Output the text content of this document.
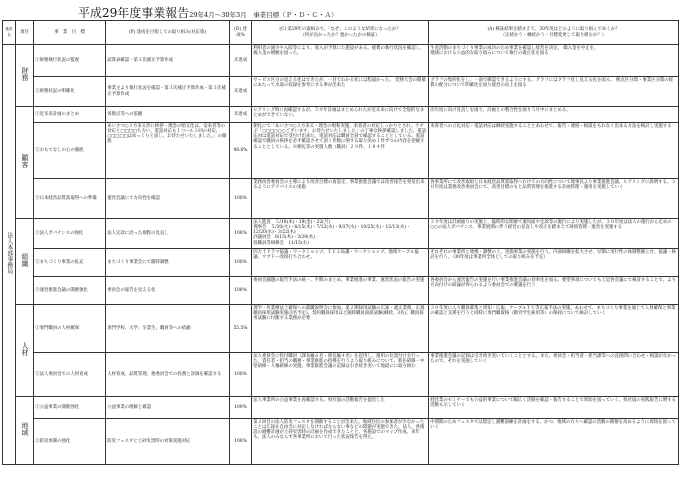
平成29年度事業報告29年4月～30年3月　事業目標（Ｐ・Ｄ・Ｃ・Ａ）
施設名	項目	事　業　目　標	(P) 達成を目指しての取り組み(対応策)	(D) 達成%	(C) 第29年の取組みで、「なぜ」このような結果になったか？
（何が良かったか？悪かったかの検証）	(A) 検証結果を踏まえて、30年度はどのように取り組んでゆくか？
（定続かう・継続かう・目標変更して取り組むか？）
法人本部事務局	財務	①財務執行状況の監視	試算表確認・第３次補正予算作成	未達成	利用者の減少や入院等により、収入が予算にた施設がある。経費の執行状況を確認し、繰入金の増額を図った。	生産活動のまちづくり事業の成功のため事業を確認し経営を決定、 繰入金を中止を。
地域における公益的な取り組みについて執行の適正化を図る
		②財務状況の明確化	事業主より執行状況を確認・第３次補正予算作成・第３次補正予算作成	未達成	サービス区分の見える化はできたが、一目でわかる化には程遠かった。 党務大会の開催にあたって水道の収録を参考にする事が出来た	グラフの集約化をし、一面で確認できるようにする。グラフにはグラフ化し見える化を図る。 拠点区分間・事業区分間の経費の配分について明確化を図り経営の向上を図る
	顧客	①近未来計画のまとめ	各拠点等への依頼	未達成	ヒアリング時に再確認するが、５カ年計画はまとめられたが近未来に向けて全般的なまとめができていない。	次年度に向け見直しを図り、計画との整合性を図り５月中にまとめる。
		②おもてなしの心の徹底	あいさつ○３方来る形に挨拶・理念の唱又化は、安来者等の対応と□□□□ち力い、電話対応も１コール３回の対応、○□□□□はゆっくりと話し、お待たせいたしました。」の徹底	98.6%	朝礼にて「あいさつ○３方来る・理念の唱和実施、来客者の対応しっかりとされ、ケチぶ「○□□○○○ございます」お待たせいたしました」の丁寧な挨拶確認しました。電話応対は電話対応で受付け出来た。電話対応は職員全員で確認することとしている。電話確認で職員の挨拶を必ず確認させて頂く件数に関する取り決め１件ずつの内容を把握することとしている。※朝礼等の実施人数（職員）２９件、１８４件	来客者への立礼対応・電話対応は継続実施することとあわせて、報告・連絡・相談をもれなく出来る方法を検討し実施する
		③日本経営品質賞取得への準備	運営会議にて方向性を確認	100%	業務改善委員会の主導により改善目標の再設定、事業推進会議では改善報告を発信出来るようにアドバイスの実施	各事業所にて改善取組と日本経営品質賞取得へむけての方向性について理事長より事業推進会議、ヒアリングに説明する。３０年度は業務改善委員会にて、改善目標のもと品質管理を推進する計画管理・運用を実施していく
	組織	①法人ガバナンスの強化	法人定款に沿った規程の見直し	100%	法人監査　５/18(木)・19(金)・22(月)
理事会　５/30(火)・6/15(木)・7/12(水)・9/27(水)・10/25(水)・12/13(水)・12/20(水)・3/22(木)
評議員会　6/15(木)・3/29(木)
役職員等研修会　11/15(水)	２９年度は計画通りの実施と、臨時的な開催で運用面や定款等の施行により実施したが、３０年度は法人の施行から定めの○○の法人ガバナンス、事業展開に伴う経営の見直しや改正を踏まえて財政管理・運営を実施する
		②まちづくり事業の拡充	まちづくり事業会にて随時調整	100%	四万十ドラマ協議・ワークショップ、ＴＶ２局講・ワークショップ、地域ケーブル協議、ウブドー改組打ち合わせ。	それぞれの事業所と連携・調整の上、実施事業の実施を行う。内部組織を拡大させ、早期に実行性の体制整備と社、協議・検討を行う。（30年度は事業所全体としての取り組みを予定）
		③運営推進会議の開催強化	委員会の報告を見える化	100%	委員会議題の報告手法の統一、半期のまとめ、事業推進の事業、運営状況の報告の実施	各委員会から運営報告の実施を行い事業推進会議の効率化を図る。要望事項についても上記各会議にて検討することで、より方向付けの結論が得られるよう委員会での審議を行う
	人材	①専門職員の人材確保	専門学校、大学、卒業生、職員等への依頼	55.5%	理学・作業療法士確保への就職説明会に参加。第２期採用試験の広報・適正業務、正規職員採用試験実施(3名予定)。契約職員採用ほど随時職員面接試験(継続、3名)。職員採用試験に付随する業務が必要	３０年度に入り職員募集と周知・広報、ケーブルＴＶ等広報手法の実施。あわせて、まちづくり事業を通じて人材確保と事業の確認と支援を行うと同時に専門職資格（動労学生雇用等）の保持について検討していく
		②法人委員会での人材育成	人材育成、品質管理、他委員会での役割と評価を確認する	100%	法人委員会に役付職員（課長級６名・係長級４名）を起用し、運用の位置付けを行った。責任者・担当の職務・事業推進の指導を行うよう取り組みについて。新任研修・中堅研修・人権研修の実施、事業推進会議の記録は引き続き実いて地道にに取り組む	事業推進会議の記録は引き続き実いていくこととする。また、委員会・担当者・担当課等への直接問い合わせ・相談がなかったので、それを実施していく
	地域	①公益事業の開催強化	公益事業の理解と確認	100%	法人事業所の公益事業を再確認する。県社協の活動報告を提出した	経営業のセミナーでも公益的事業について幅広く活動を確認・報告することで周知を図っていく。県社協の実践報告に関する活動も示していく
		②防災体制の強化	防災フェスタと土砂災害時の対策実施対応	100%	第２回目の法人防災フェスタを開催することが出来た。地域住民の参加者が少なかったことは広報を自由会に対応しなければならない事などの問題が実施できた。法人、各施設の避難計画が土砂災害時の計画を作成できたことと、各施設でのマップ作成、来年も、法人のみならず各事業所において行った状況報告を得た。	中間期のためフェスタでは想定し避難訓練を計画をする、かつ、地域の方々へ確認の活動の開催を高めるように周知を図っていく
